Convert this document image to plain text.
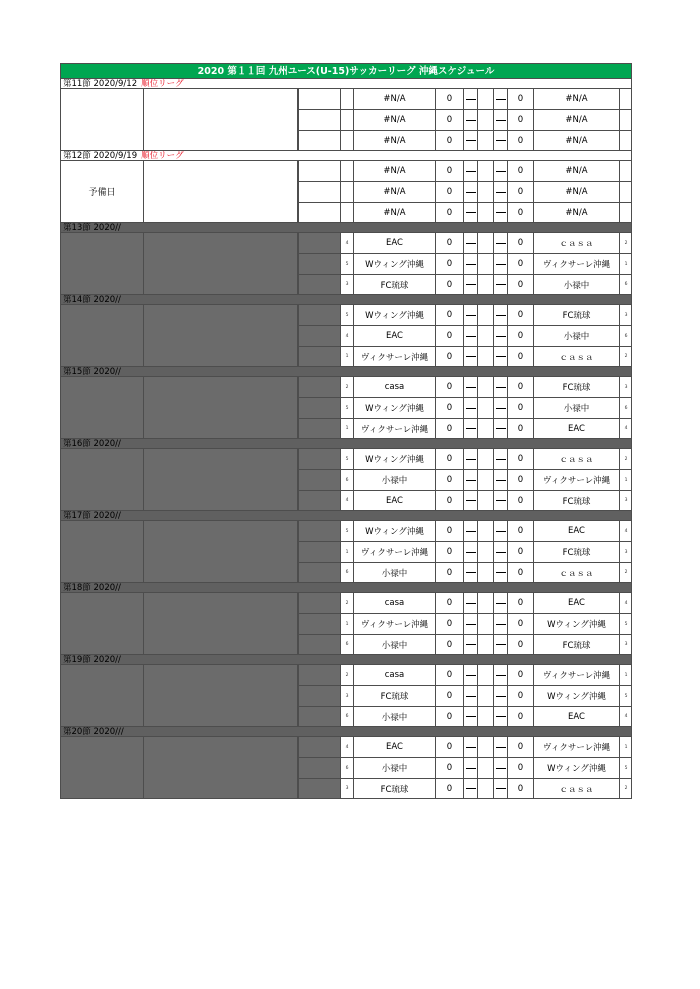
2020 第１１回 九州ユース(U-15)サッカーリーグ 沖縄スケジュール
第11節 2020/9/12 順位リーグ
#N/A	0	0	#N/A
#N/A	0	0	#N/A
#N/A	0	0	#N/A
第12節 2020/9/19 順位リーグ
予備日
#N/A	0	0	#N/A
#N/A	0	0	#N/A
#N/A	0	0	#N/A
第13節 2020//
4	EAC	0	0	ｃａｓａ	2
5	Wウィング沖縄	0	0	ヴィクサーレ沖縄	1
3	FC琉球	0	0	小禄中	6
第14節 2020//
5	Wウィング沖縄	0	0	FC琉球	3
4	EAC	0	0	小禄中	6
1	ヴィクサーレ沖縄	0	0	ｃａｓａ	2
第15節 2020//
2	casa	0	0	FC琉球	3
5	Wウィング沖縄	0	0	小禄中	6
1	ヴィクサーレ沖縄	0	0	EAC	4
第16節 2020//
5	Wウィング沖縄	0	0	ｃａｓａ	2
6	小禄中	0	0	ヴィクサーレ沖縄	1
4	EAC	0	0	FC琉球	3
第17節 2020//
5	Wウィング沖縄	0	0	EAC	4
1	ヴィクサーレ沖縄	0	0	FC琉球	3
6	小禄中	0	0	ｃａｓａ	2
第18節 2020//
2	casa	0	0	EAC	4
1	ヴィクサーレ沖縄	0	0	Wウィング沖縄	5
6	小禄中	0	0	FC琉球	3
第19節 2020//
2	casa	0	0	ヴィクサーレ沖縄	1
3	FC琉球	0	0	Wウィング沖縄	5
6	小禄中	0	0	EAC	4
第20節 2020///
4	EAC	0	0	ヴィクサーレ沖縄	1
6	小禄中	0	0	Wウィング沖縄	5
3	FC琉球	0	0	ｃａｓａ	2
